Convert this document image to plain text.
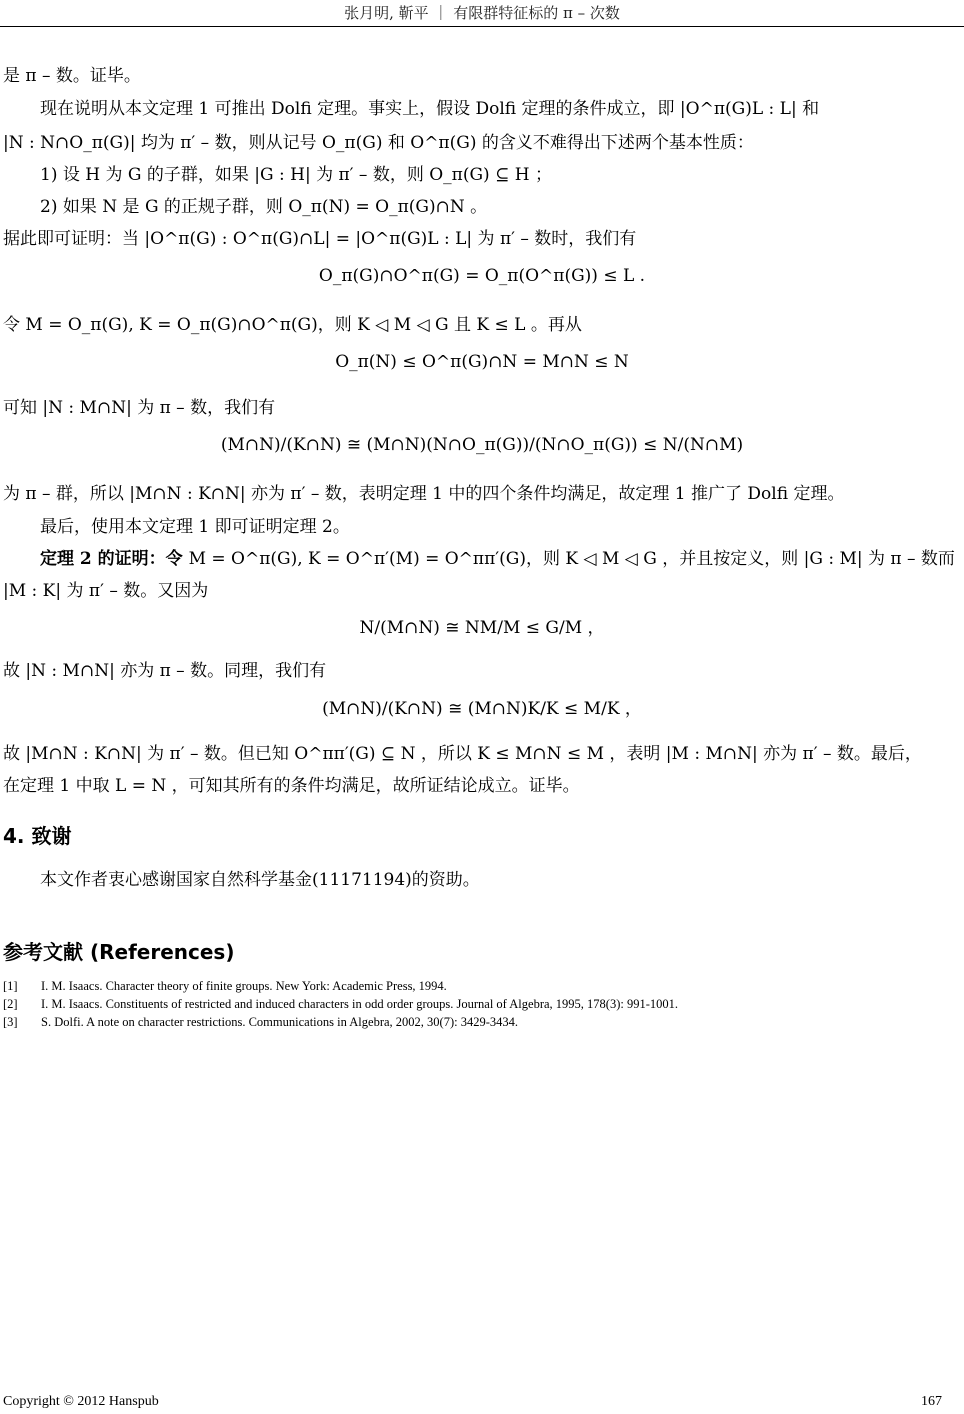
张月明, 靳平 ｜ 有限群特征标的 π – 次数
是 π – 数。证毕。
现在说明从本文定理 1 可推出 Dolfi 定理。事实上，假设 Dolfi 定理的条件成立，即 |O^π(G)L : L| 和
|N : N∩O_π(G)| 均为 π′ – 数，则从记号 O_π(G) 和 O^π(G) 的含义不难得出下述两个基本性质：
1) 设 H 为 G 的子群，如果 |G : H| 为 π′ – 数，则 O_π(G) ⊆ H ；
2) 如果 N 是 G 的正规子群，则 O_π(N) = O_π(G)∩N 。
据此即可证明：当 |O^π(G) : O^π(G)∩L| = |O^π(G)L : L| 为 π′ – 数时，我们有
O_π(G)∩O^π(G) = O_π(O^π(G)) ≤ L .
令 M = O_π(G), K = O_π(G)∩O^π(G)，则 K ◁ M ◁ G 且 K ≤ L 。再从
O_π(N) ≤ O^π(G)∩N = M∩N ≤ N
可知 |N : M∩N| 为 π – 数，我们有
(M∩N)/(K∩N) ≅ (M∩N)(N∩O_π(G))/(N∩O_π(G)) ≤ N/(N∩M)
为 π – 群，所以 |M∩N : K∩N| 亦为 π′ – 数，表明定理 1 中的四个条件均满足，故定理 1 推广了 Dolfi 定理。
最后，使用本文定理 1 即可证明定理 2。
定理 2 的证明：令 M = O^π(G), K = O^π′(M) = O^ππ′(G)，则 K ◁ M ◁ G ，并且按定义，则 |G : M| 为 π – 数而
|M : K| 为 π′ – 数。又因为
N/(M∩N) ≅ NM/M ≤ G/M ，
故 |N : M∩N| 亦为 π – 数。同理，我们有
(M∩N)/(K∩N) ≅ (M∩N)K/K ≤ M/K ，
故 |M∩N : K∩N| 为 π′ – 数。但已知 O^ππ′(G) ⊆ N ，所以 K ≤ M∩N ≤ M ，表明 |M : M∩N| 亦为 π′ – 数。最后，
在定理 1 中取 L = N ，可知其所有的条件均满足，故所证结论成立。证毕。
4. 致谢
本文作者衷心感谢国家自然科学基金(11171194)的资助。
参考文献 (References)
[1] I. M. Isaacs. Character theory of finite groups. New York: Academic Press, 1994.
[2] I. M. Isaacs. Constituents of restricted and induced characters in odd order groups. Journal of Algebra, 1995, 178(3): 991-1001.
[3] S. Dolfi. A note on character restrictions. Communications in Algebra, 2002, 30(7): 3429-3434.
Copyright © 2012 Hanspub	167
